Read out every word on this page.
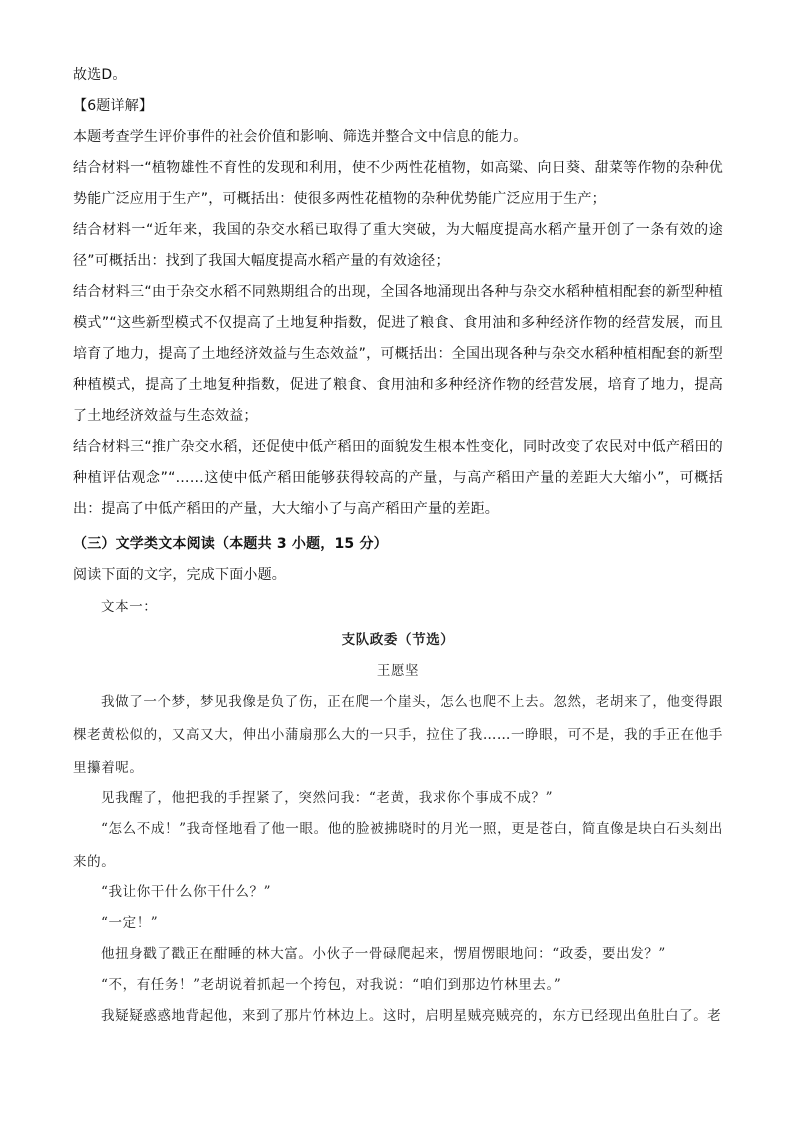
故选D。

【6题详解】

本题考查学生评价事件的社会价值和影响、筛选并整合文中信息的能力。

结合材料一“植物雄性不育性的发现和利用，使不少两性花植物，如高粱、向日葵、甜菜等作物的杂种优势能广泛应用于生产”，可概括出：使很多两性花植物的杂种优势能广泛应用于生产；

结合材料一“近年来，我国的杂交水稻已取得了重大突破，为大幅度提高水稻产量开创了一条有效的途径”可概括出：找到了我国大幅度提高水稻产量的有效途径；

结合材料三“由于杂交水稻不同熟期组合的出现，全国各地涌现出各种与杂交水稻种植相配套的新型种植模式”“这些新型模式不仅提高了土地复种指数，促进了粮食、食用油和多种经济作物的经营发展，而且培育了地力，提高了土地经济效益与生态效益”，可概括出：全国出现各种与杂交水稻种植相配套的新型种植模式，提高了土地复种指数，促进了粮食、食用油和多种经济作物的经营发展，培育了地力，提高了土地经济效益与生态效益；

结合材料三“推广杂交水稻，还促使中低产稻田的面貌发生根本性变化，同时改变了农民对中低产稻田的种植评估观念”“……这使中低产稻田能够获得较高的产量，与高产稻田产量的差距大大缩小”，可概括出：提高了中低产稻田的产量，大大缩小了与高产稻田产量的差距。

（三）文学类文本阅读（本题共 3 小题，15 分）

阅读下面的文字，完成下面小题。

文本一：

支队政委（节选）

王愿坚

我做了一个梦，梦见我像是负了伤，正在爬一个崖头，怎么也爬不上去。忽然，老胡来了，他变得跟棵老黄松似的，又高又大，伸出小蒲扇那么大的一只手，拉住了我……一睁眼，可不是，我的手正在他手里攥着呢。

见我醒了，他把我的手捏紧了，突然问我：“老黄，我求你个事成不成？”

“怎么不成！”我奇怪地看了他一眼。他的脸被拂晓时的月光一照，更是苍白，简直像是块白石头刻出来的。

“我让你干什么你干什么？”

“一定！”

他扭身戳了戳正在酣睡的林大富。小伙子一骨碌爬起来，愣眉愣眼地问：“政委，要出发？”

“不，有任务！”老胡说着抓起一个挎包，对我说：“咱们到那边竹林里去。”

我疑疑惑惑地背起他，来到了那片竹林边上。这时，启明星贼亮贼亮的，东方已经现出鱼肚白了。老
